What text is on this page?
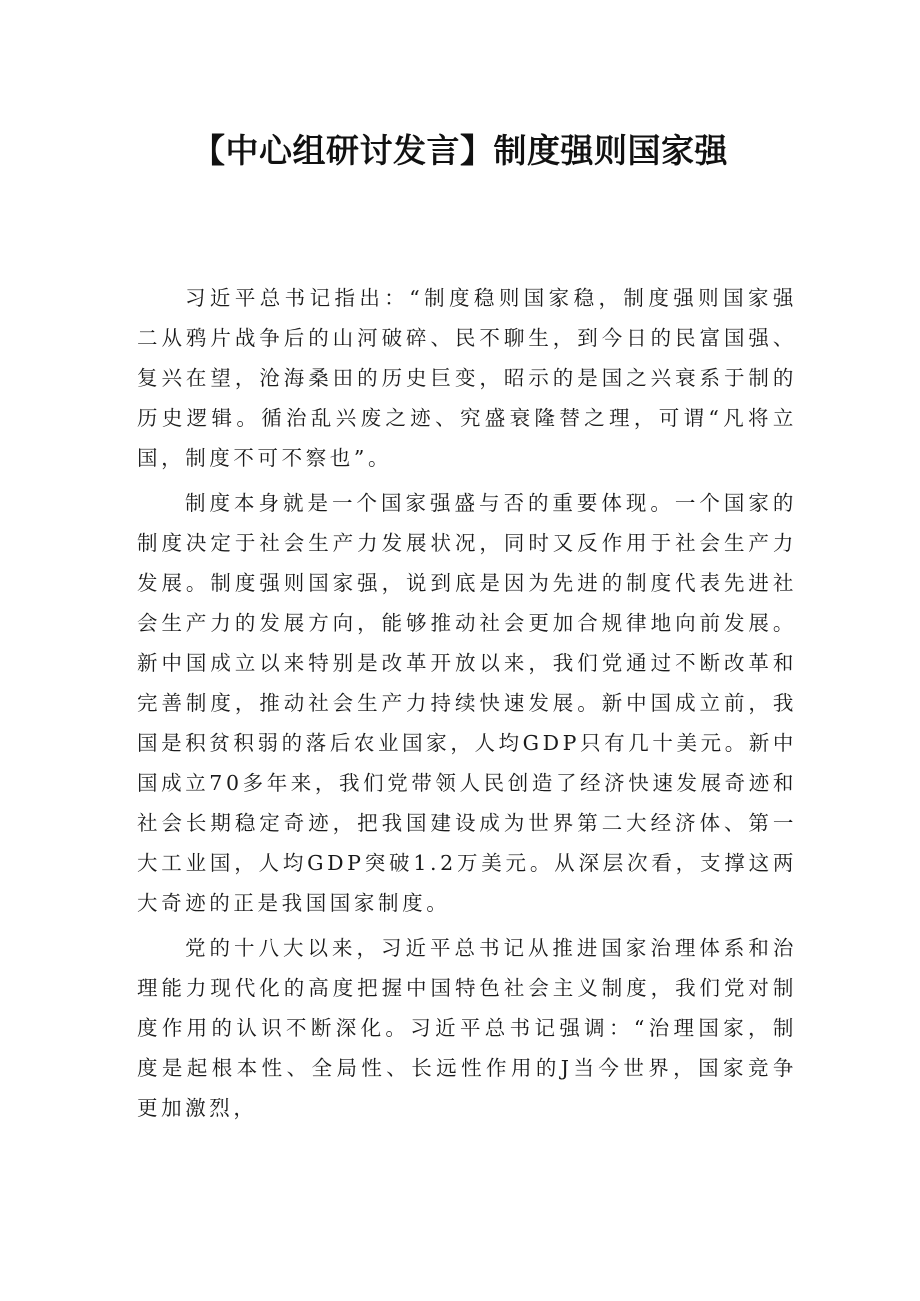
【中心组研讨发言】制度强则国家强

习近平总书记指出：“制度稳则国家稳，制度强则国家强二从鸦片战争后的山河破碎、民不聊生，到今日的民富国强、复兴在望，沧海桑田的历史巨变，昭示的是国之兴衰系于制的历史逻辑。循治乱兴废之迹、究盛衰隆替之理，可谓“凡将立国，制度不可不察也”。

制度本身就是一个国家强盛与否的重要体现。一个国家的制度决定于社会生产力发展状况，同时又反作用于社会生产力发展。制度强则国家强，说到底是因为先进的制度代表先进社会生产力的发展方向，能够推动社会更加合规律地向前发展。新中国成立以来特别是改革开放以来，我们党通过不断改革和完善制度，推动社会生产力持续快速发展。新中国成立前，我国是积贫积弱的落后农业国家，人均GDP只有几十美元。新中国成立70多年来，我们党带领人民创造了经济快速发展奇迹和社会长期稳定奇迹，把我国建设成为世界第二大经济体、第一大工业国，人均GDP突破1.2万美元。从深层次看，支撑这两大奇迹的正是我国国家制度。

党的十八大以来，习近平总书记从推进国家治理体系和治理能力现代化的高度把握中国特色社会主义制度，我们党对制度作用的认识不断深化。习近平总书记强调：“治理国家，制度是起根本性、全局性、长远性作用的J当今世界，国家竞争更加激烈，
